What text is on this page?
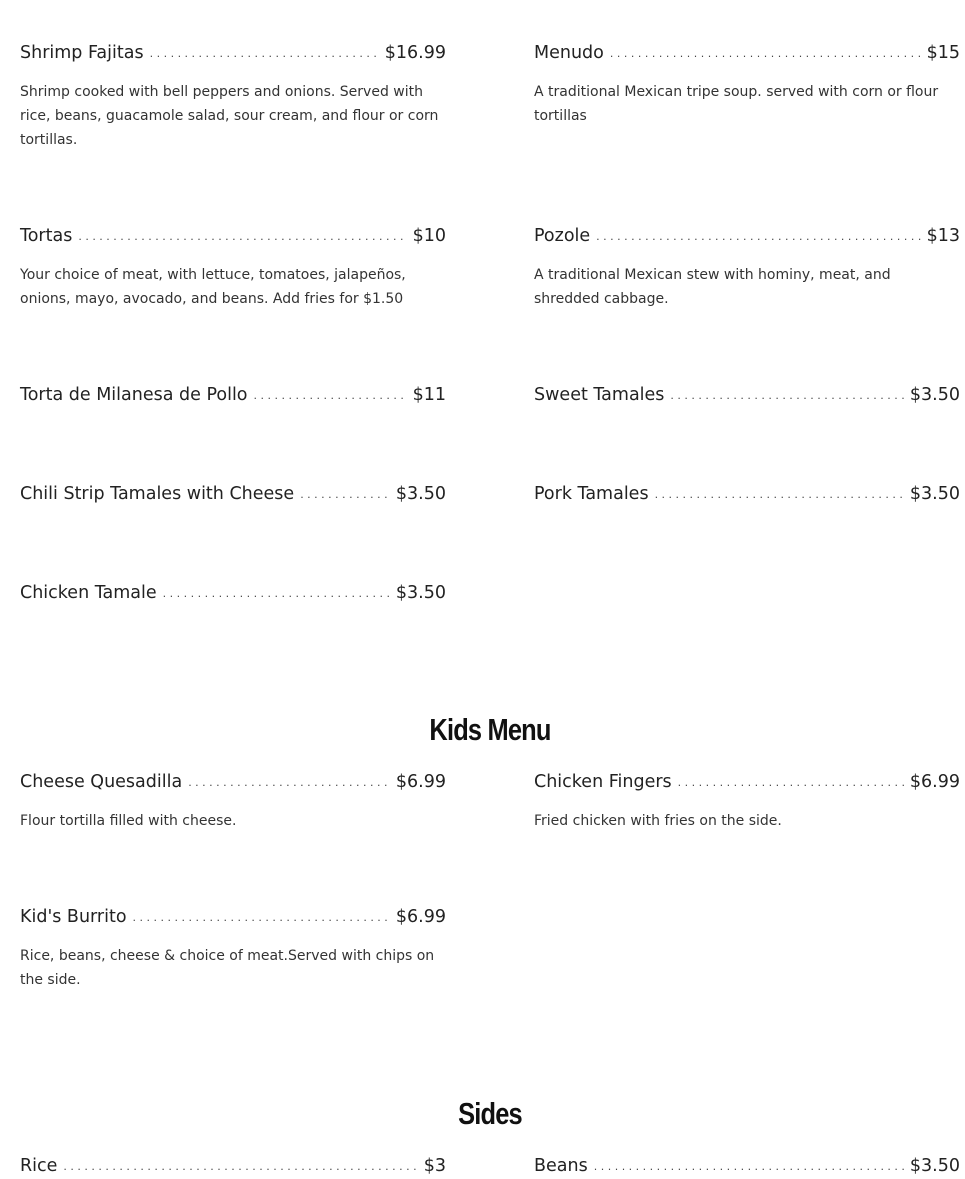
Shrimp Fajitas . . .	$16.99
Shrimp cooked with bell peppers and onions. Served with rice, beans, guacamole salad, sour cream, and flour or corn tortillas.
Menudo . . .	$15
A traditional Mexican tripe soup. served with corn or flour tortillas
Tortas . . .	$10
Your choice of meat, with lettuce, tomatoes, jalapeños, onions, mayo, avocado, and beans. Add fries for $1.50
Pozole . . .	$13
A traditional Mexican stew with hominy, meat, and shredded cabbage.
Torta de Milanesa de Pollo . . .	$11	Sweet Tamales . . .	$3.50
Chili Strip Tamales with Cheese . . .	$3.50	Pork Tamales . . .	$3.50
Chicken Tamale . . .	$3.50
Kids Menu
Cheese Quesadilla . . .	$6.99
Flour tortilla filled with cheese.
Chicken Fingers . . .	$6.99
Fried chicken with fries on the side.
Kid's Burrito . . .	$6.99
Rice, beans, cheese & choice of meat.Served with chips on the side.
Sides
Rice . . .	$3	Beans . . .	$3.50
